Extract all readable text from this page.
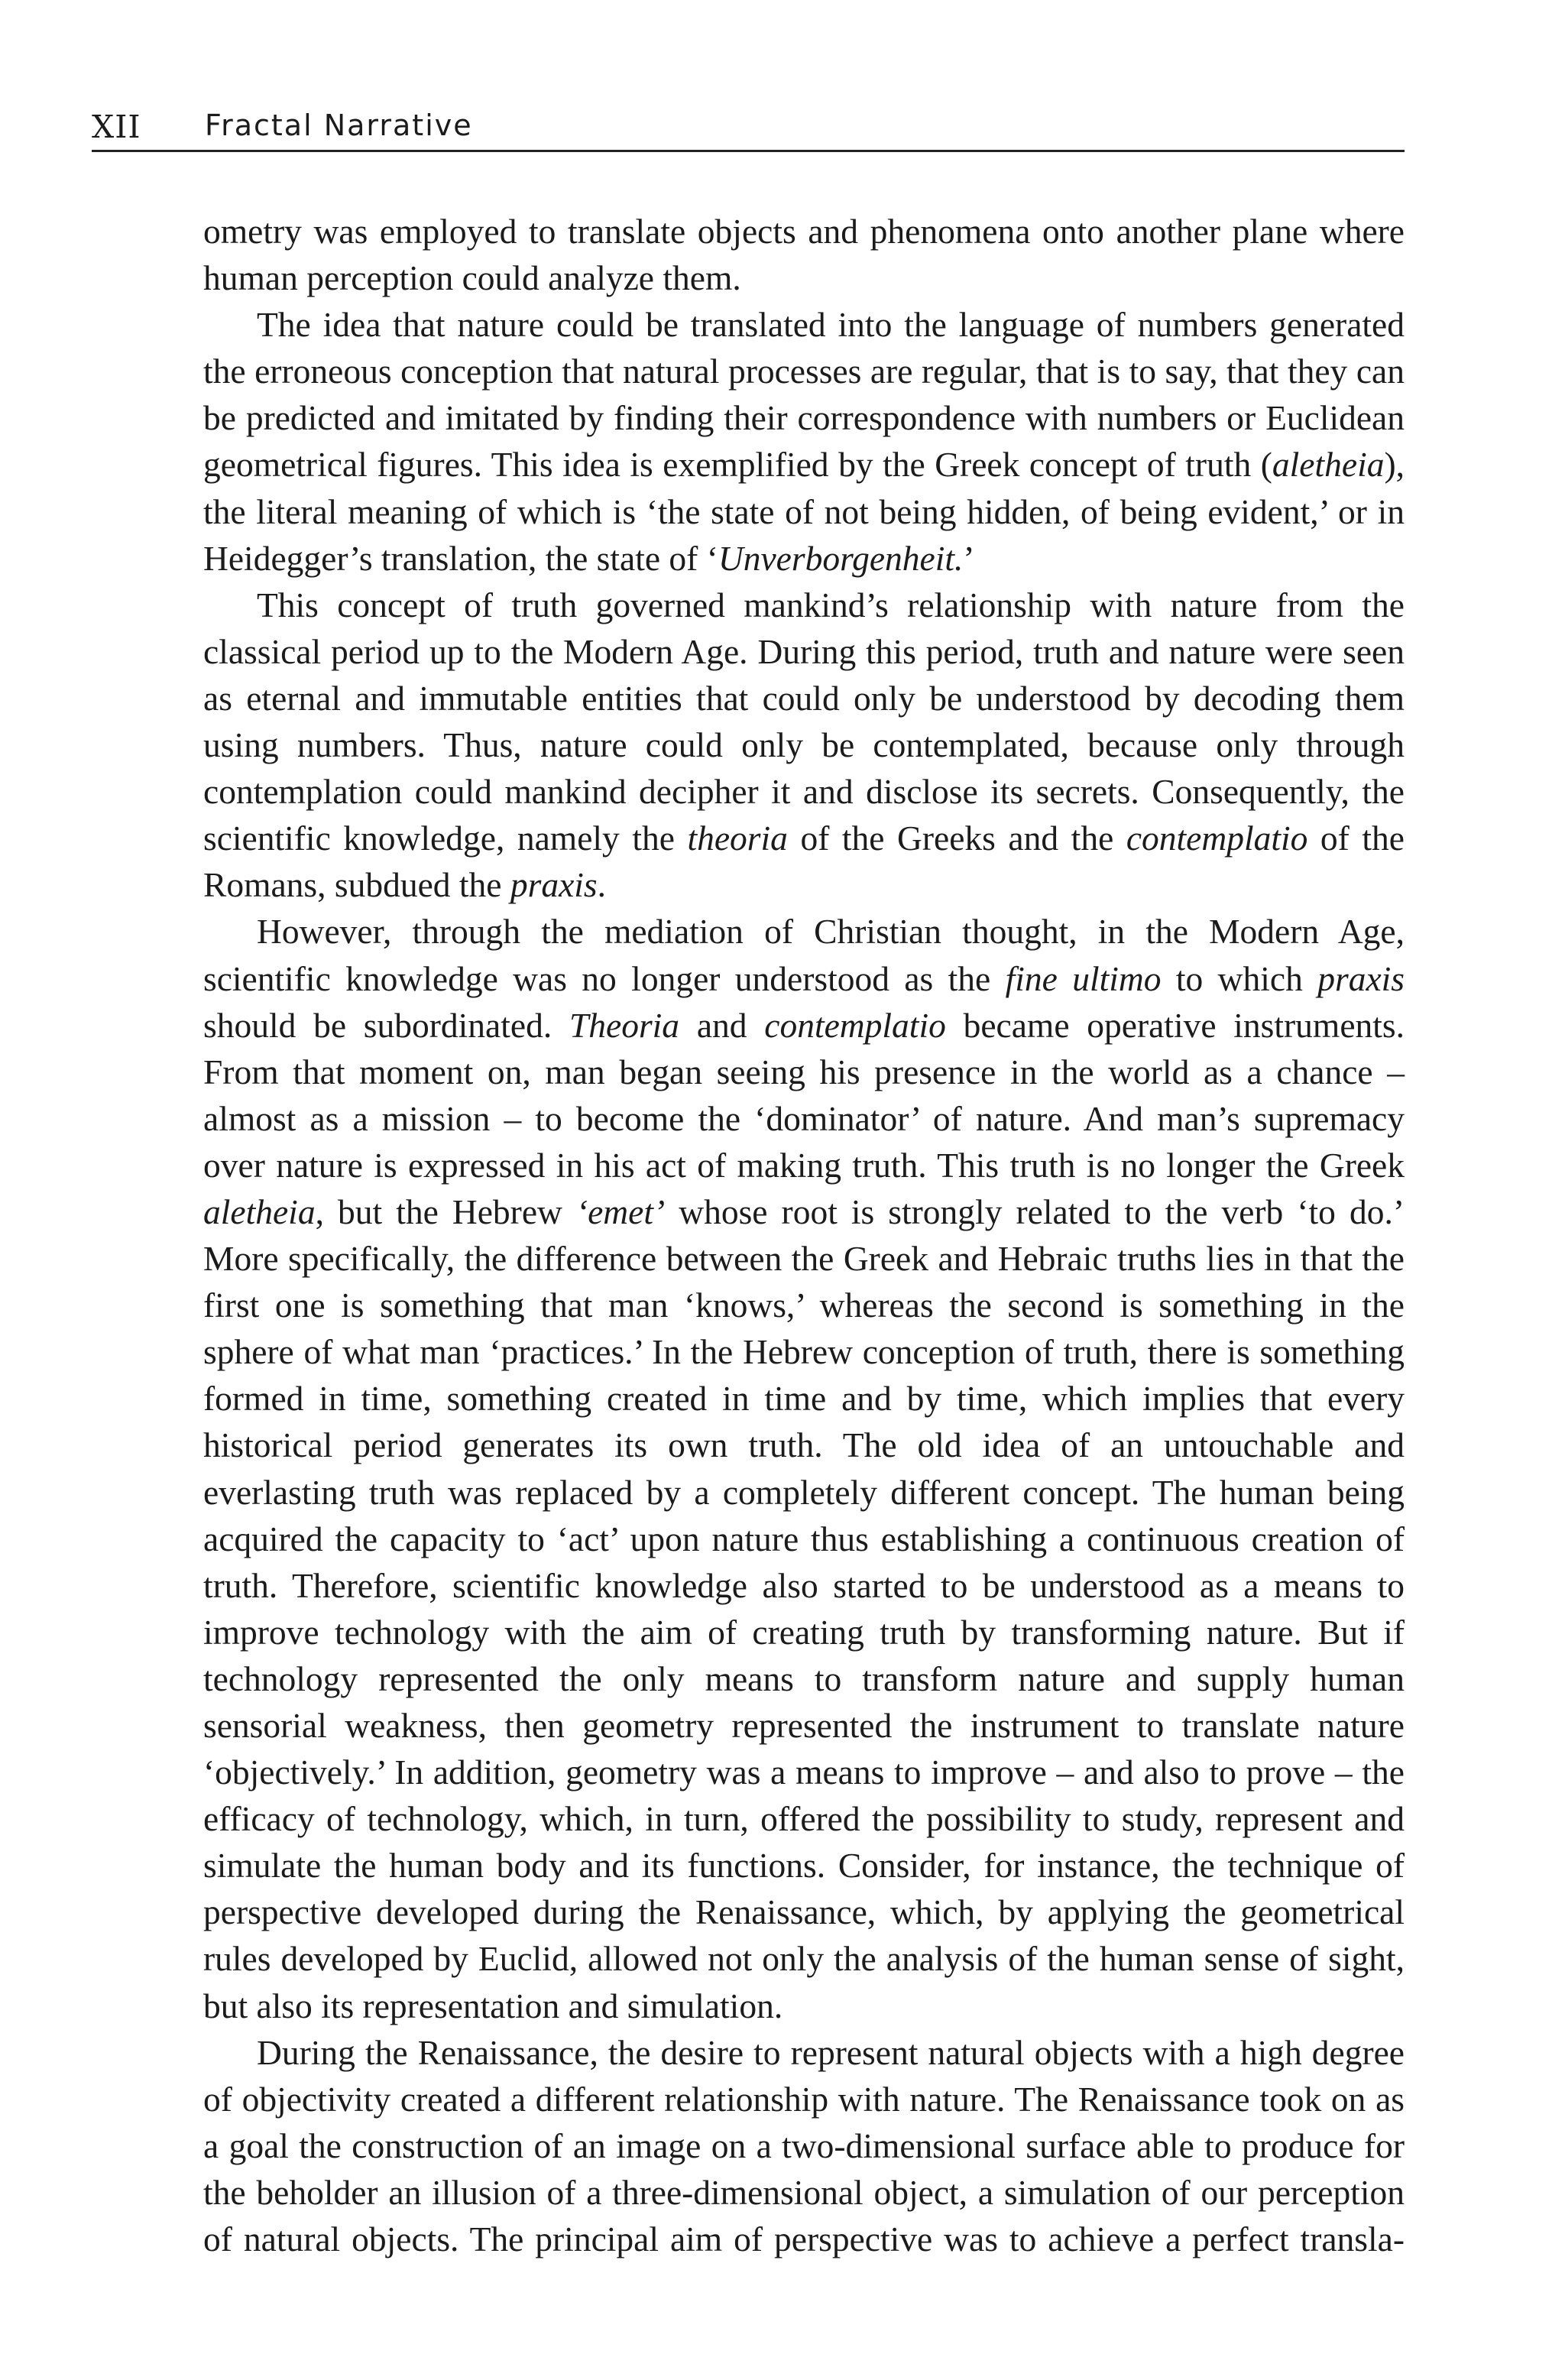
XII Fractal Narrative

ometry was employed to translate objects and phenomena onto another plane where human perception could analyze them.

The idea that nature could be translated into the language of numbers generated the erroneous conception that natural processes are regular, that is to say, that they can be predicted and imitated by finding their correspondence with numbers or Euclidean geometrical figures. This idea is exemplified by the Greek concept of truth (aletheia), the literal meaning of which is ‘the state of not being hidden, of being evident,’ or in Heidegger’s translation, the state of ‘Unverborgenheit.’

This concept of truth governed mankind’s relationship with nature from the classical period up to the Modern Age. During this period, truth and nature were seen as eternal and immutable entities that could only be understood by decoding them using numbers. Thus, nature could only be contemplated, because only through contemplation could mankind decipher it and disclose its secrets. Consequently, the scientific knowledge, namely the theoria of the Greeks and the contemplatio of the Romans, subdued the praxis.

However, through the mediation of Christian thought, in the Modern Age, scientific knowledge was no longer understood as the fine ultimo to which praxis should be subordinated. Theoria and contemplatio became operative instruments. From that moment on, man began seeing his presence in the world as a chance – almost as a mission – to become the ‘dominator’ of nature. And man’s supremacy over nature is expressed in his act of making truth. This truth is no longer the Greek aletheia, but the Hebrew ‘emet’ whose root is strongly related to the verb ‘to do.’ More specifically, the difference between the Greek and Hebraic truths lies in that the first one is something that man ‘knows,’ whereas the second is something in the sphere of what man ‘practices.’ In the Hebrew conception of truth, there is something formed in time, something created in time and by time, which implies that every historical period generates its own truth. The old idea of an untouchable and everlasting truth was replaced by a completely different concept. The human being acquired the capacity to ‘act’ upon nature thus establishing a continuous creation of truth. Therefore, scientific knowledge also started to be understood as a means to improve technology with the aim of creating truth by transforming nature. But if technology represented the only means to transform nature and supply human sensorial weakness, then geometry represented the instrument to translate nature ‘objectively.’ In addition, geometry was a means to improve – and also to prove – the efficacy of technology, which, in turn, offered the possibility to study, represent and simulate the human body and its functions. Consider, for instance, the technique of perspective developed during the Renaissance, which, by applying the geometrical rules developed by Euclid, allowed not only the analysis of the human sense of sight, but also its representation and simulation.

During the Renaissance, the desire to represent natural objects with a high degree of objectivity created a different relationship with nature. The Renaissance took on as a goal the construction of an image on a two-dimensional surface able to produce for the beholder an illusion of a three-dimensional object, a simulation of our perception of natural objects. The principal aim of perspective was to achieve a perfect transla-
